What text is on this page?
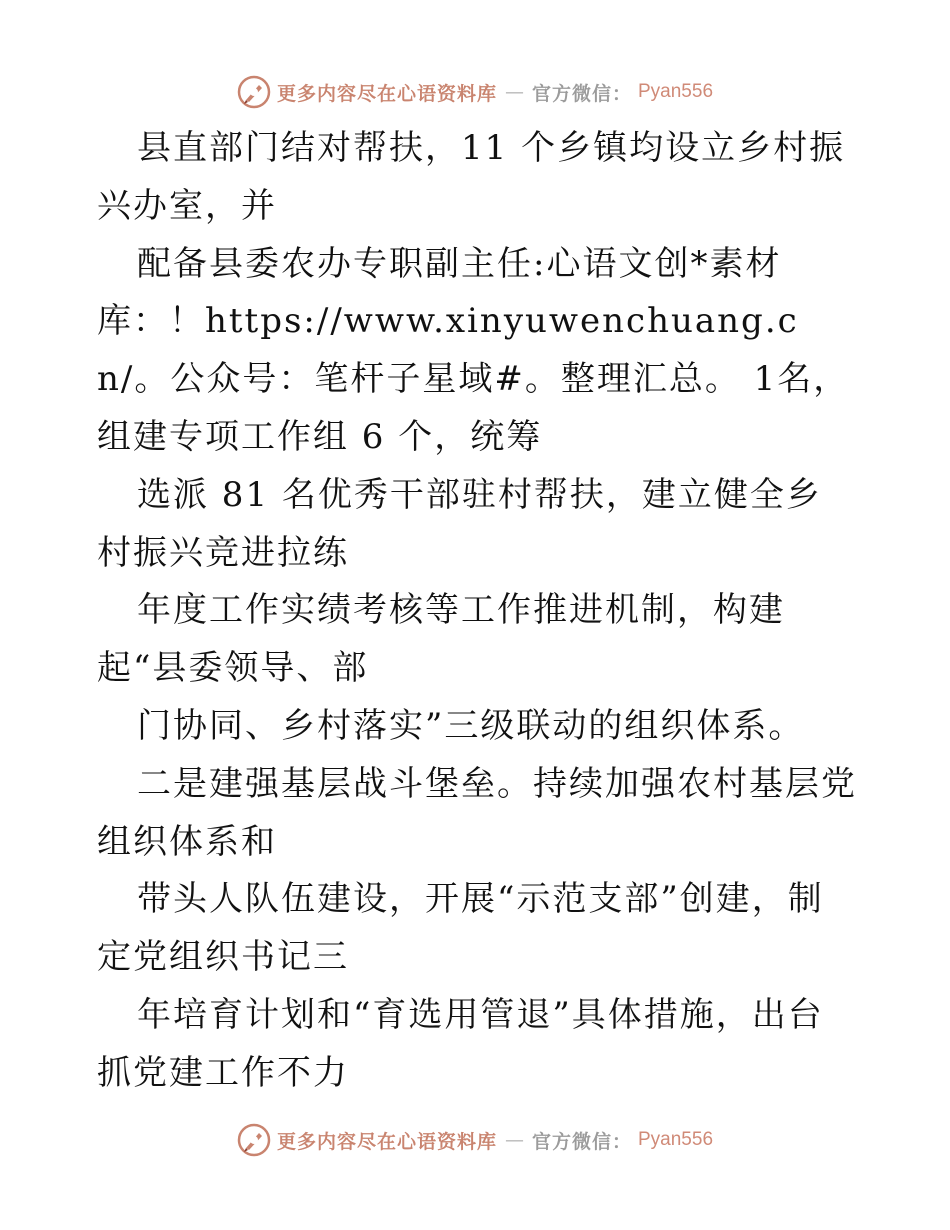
更多内容尽在心语资料库 — 官方微信： Pyan556

县直部门结对帮扶，11 个乡镇均设立乡村振兴办室，并

配备县委农办专职副主任:心语文创*素材库：！https://www.xinyuwenchuang.cn/。公众号：笔杆子星域#。整理汇总。 1名，组建专项工作组 6 个，统筹

选派 81 名优秀干部驻村帮扶，建立健全乡村振兴竞进拉练

年度工作实绩考核等工作推进机制，构建起“县委领导、部

门协同、乡村落实”三级联动的组织体系。

二是建强基层战斗堡垒。持续加强农村基层党组织体系和

带头人队伍建设，开展“示范支部”创建，制定党组织书记三

年培育计划和“育选用管退”具体措施，出台抓党建工作不力

更多内容尽在心语资料库 — 官方微信： Pyan556
